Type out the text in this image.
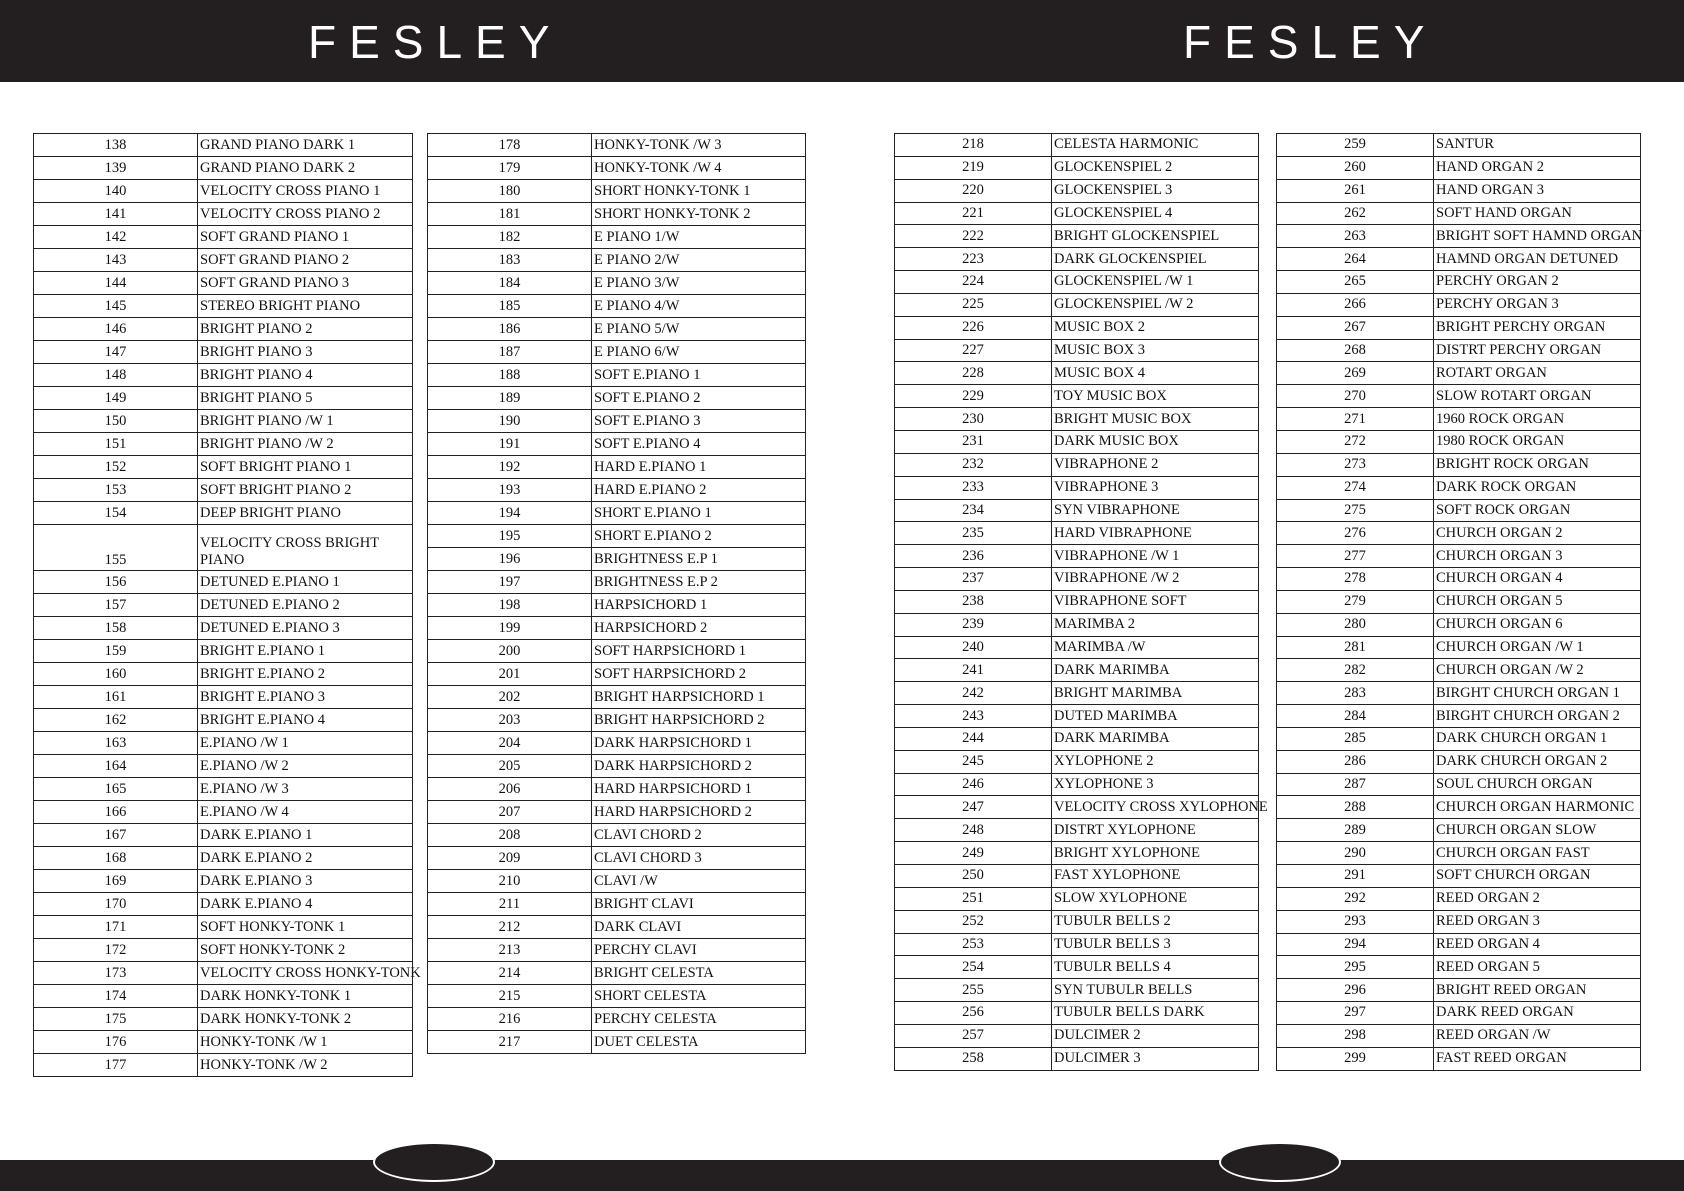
FESLEY	FESLEY
138	GRAND PIANO DARK 1
139	GRAND PIANO DARK 2
140	VELOCITY CROSS PIANO 1
141	VELOCITY CROSS PIANO 2
142	SOFT GRAND PIANO 1
143	SOFT GRAND PIANO 2
144	SOFT GRAND PIANO 3
145	STEREO BRIGHT PIANO
146	BRIGHT PIANO 2
147	BRIGHT PIANO 3
148	BRIGHT PIANO 4
149	BRIGHT PIANO 5
150	BRIGHT PIANO /W 1
151	BRIGHT PIANO /W 2
152	SOFT BRIGHT PIANO 1
153	SOFT BRIGHT PIANO 2
154	DEEP BRIGHT PIANO
155	VELOCITY CROSS BRIGHT PIANO
156	DETUNED E.PIANO 1
157	DETUNED E.PIANO 2
158	DETUNED E.PIANO 3
159	BRIGHT E.PIANO 1
160	BRIGHT E.PIANO 2
161	BRIGHT E.PIANO 3
162	BRIGHT E.PIANO 4
163	E.PIANO /W 1
164	E.PIANO /W 2
165	E.PIANO /W 3
166	E.PIANO /W 4
167	DARK E.PIANO 1
168	DARK E.PIANO 2
169	DARK E.PIANO 3
170	DARK E.PIANO 4
171	SOFT HONKY-TONK 1
172	SOFT HONKY-TONK 2
173	VELOCITY CROSS HONKY-TONK
174	DARK HONKY-TONK 1
175	DARK HONKY-TONK 2
176	HONKY-TONK /W 1
177	HONKY-TONK /W 2
178	HONKY-TONK /W 3
179	HONKY-TONK /W 4
180	SHORT HONKY-TONK 1
181	SHORT HONKY-TONK 2
182	E PIANO 1/W
183	E PIANO 2/W
184	E PIANO 3/W
185	E PIANO 4/W
186	E PIANO 5/W
187	E PIANO 6/W
188	SOFT E.PIANO 1
189	SOFT E.PIANO 2
190	SOFT E.PIANO 3
191	SOFT E.PIANO 4
192	HARD E.PIANO 1
193	HARD E.PIANO 2
194	SHORT E.PIANO 1
195	SHORT E.PIANO 2
196	BRIGHTNESS E.P 1
197	BRIGHTNESS E.P 2
198	HARPSICHORD 1
199	HARPSICHORD 2
200	SOFT HARPSICHORD 1
201	SOFT HARPSICHORD 2
202	BRIGHT HARPSICHORD 1
203	BRIGHT HARPSICHORD 2
204	DARK HARPSICHORD 1
205	DARK HARPSICHORD 2
206	HARD HARPSICHORD 1
207	HARD HARPSICHORD 2
208	CLAVI CHORD 2
209	CLAVI CHORD 3
210	CLAVI /W
211	BRIGHT CLAVI
212	DARK CLAVI
213	PERCHY CLAVI
214	BRIGHT CELESTA
215	SHORT CELESTA
216	PERCHY CELESTA
217	DUET CELESTA
218	CELESTA HARMONIC
219	GLOCKENSPIEL 2
220	GLOCKENSPIEL 3
221	GLOCKENSPIEL 4
222	BRIGHT GLOCKENSPIEL
223	DARK GLOCKENSPIEL
224	GLOCKENSPIEL /W 1
225	GLOCKENSPIEL /W 2
226	MUSIC BOX 2
227	MUSIC BOX 3
228	MUSIC BOX 4
229	TOY MUSIC BOX
230	BRIGHT MUSIC BOX
231	DARK MUSIC BOX
232	VIBRAPHONE 2
233	VIBRAPHONE 3
234	SYN VIBRAPHONE
235	HARD VIBRAPHONE
236	VIBRAPHONE /W 1
237	VIBRAPHONE /W 2
238	VIBRAPHONE SOFT
239	MARIMBA 2
240	MARIMBA /W
241	DARK MARIMBA
242	BRIGHT MARIMBA
243	DUTED MARIMBA
244	DARK MARIMBA
245	XYLOPHONE 2
246	XYLOPHONE 3
247	VELOCITY CROSS XYLOPHONE
248	DISTRT XYLOPHONE
249	BRIGHT XYLOPHONE
250	FAST XYLOPHONE
251	SLOW XYLOPHONE
252	TUBULR BELLS 2
253	TUBULR BELLS 3
254	TUBULR BELLS 4
255	SYN TUBULR BELLS
256	TUBULR BELLS DARK
257	DULCIMER 2
258	DULCIMER 3
259	SANTUR
260	HAND ORGAN 2
261	HAND ORGAN 3
262	SOFT HAND ORGAN
263	BRIGHT SOFT HAMND ORGAN
264	HAMND ORGAN DETUNED
265	PERCHY ORGAN 2
266	PERCHY ORGAN 3
267	BRIGHT PERCHY ORGAN
268	DISTRT PERCHY ORGAN
269	ROTART ORGAN
270	SLOW ROTART ORGAN
271	1960 ROCK ORGAN
272	1980 ROCK ORGAN
273	BRIGHT ROCK ORGAN
274	DARK ROCK ORGAN
275	SOFT ROCK ORGAN
276	CHURCH ORGAN 2
277	CHURCH ORGAN 3
278	CHURCH ORGAN 4
279	CHURCH ORGAN 5
280	CHURCH ORGAN 6
281	CHURCH ORGAN /W 1
282	CHURCH ORGAN /W 2
283	BIRGHT CHURCH ORGAN 1
284	BIRGHT CHURCH ORGAN 2
285	DARK CHURCH ORGAN 1
286	DARK CHURCH ORGAN 2
287	SOUL CHURCH ORGAN
288	CHURCH ORGAN HARMONIC
289	CHURCH ORGAN SLOW
290	CHURCH ORGAN FAST
291	SOFT CHURCH ORGAN
292	REED ORGAN 2
293	REED ORGAN 3
294	REED ORGAN 4
295	REED ORGAN 5
296	BRIGHT REED ORGAN
297	DARK REED ORGAN
298	REED ORGAN /W
299	FAST REED ORGAN
